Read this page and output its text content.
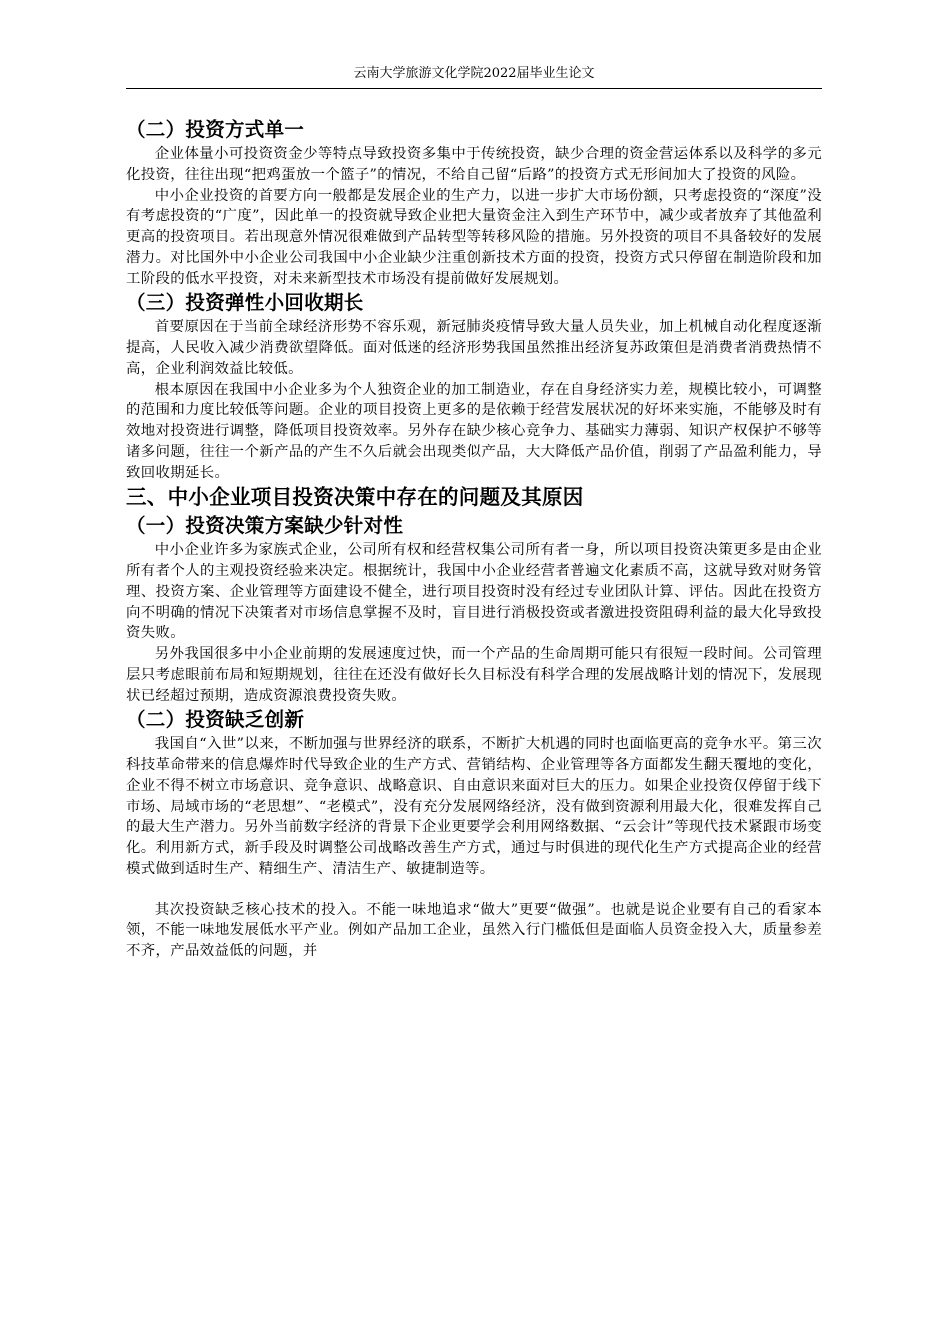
云南大学旅游文化学院2022届毕业生论文
（二）投资方式单一

企业体量小可投资资金少等特点导致投资多集中于传统投资，缺少合理的资金营运体系以及科学的多元化投资，往往出现“把鸡蛋放一个篮子”的情况，不给自己留“后路”的投资方式无形间加大了投资的风险。

中小企业投资的首要方向一般都是发展企业的生产力，以进一步扩大市场份额，只考虑投资的“深度”没有考虑投资的“广度”，因此单一的投资就导致企业把大量资金注入到生产环节中，减少或者放弃了其他盈利更高的投资项目。若出现意外情况很难做到产品转型等转移风险的措施。另外投资的项目不具备较好的发展潜力。对比国外中小企业公司我国中小企业缺少注重创新技术方面的投资，投资方式只停留在制造阶段和加工阶段的低水平投资，对未来新型技术市场没有提前做好发展规划。

（三）投资弹性小回收期长

首要原因在于当前全球经济形势不容乐观，新冠肺炎疫情导致大量人员失业，加上机械自动化程度逐渐提高，人民收入减少消费欲望降低。面对低迷的经济形势我国虽然推出经济复苏政策但是消费者消费热情不高，企业利润效益比较低。

根本原因在我国中小企业多为个人独资企业的加工制造业，存在自身经济实力差，规模比较小，可调整的范围和力度比较低等问题。企业的项目投资上更多的是依赖于经营发展状况的好坏来实施，不能够及时有效地对投资进行调整，降低项目投资效率。另外存在缺少核心竞争力、基础实力薄弱、知识产权保护不够等诸多问题，往往一个新产品的产生不久后就会出现类似产品，大大降低产品价值，削弱了产品盈利能力，导致回收期延长。

三、中小企业项目投资决策中存在的问题及其原因
（一）投资决策方案缺少针对性

中小企业许多为家族式企业，公司所有权和经营权集公司所有者一身，所以项目投资决策更多是由企业所有者个人的主观投资经验来决定。根据统计，我国中小企业经营者普遍文化素质不高，这就导致对财务管理、投资方案、企业管理等方面建设不健全，进行项目投资时没有经过专业团队计算、评估。因此在投资方向不明确的情况下决策者对市场信息掌握不及时，盲目进行消极投资或者激进投资阻碍利益的最大化导致投资失败。

另外我国很多中小企业前期的发展速度过快，而一个产品的生命周期可能只有很短一段时间。公司管理层只考虑眼前布局和短期规划，往往在还没有做好长久目标没有科学合理的发展战略计划的情况下，发展现状已经超过预期，造成资源浪费投资失败。

（二）投资缺乏创新

我国自“入世”以来，不断加强与世界经济的联系，不断扩大机遇的同时也面临更高的竞争水平。第三次科技革命带来的信息爆炸时代导致企业的生产方式、营销结构、企业管理等各方面都发生翻天覆地的变化，企业不得不树立市场意识、竞争意识、战略意识、自由意识来面对巨大的压力。如果企业投资仅停留于线下市场、局域市场的“老思想”、“老模式”，没有充分发展网络经济，没有做到资源利用最大化，很难发挥自己的最大生产潜力。另外当前数字经济的背景下企业更要学会利用网络数据、“云会计”等现代技术紧跟市场变化。利用新方式，新手段及时调整公司战略改善生产方式，通过与时俱进的现代化生产方式提高企业的经营模式做到适时生产、精细生产、清洁生产、敏捷制造等。

其次投资缺乏核心技术的投入。不能一味地追求“做大”更要“做强”。也就是说企业要有自己的看家本领，不能一味地发展低水平产业。例如产品加工企业，虽然入行门槛低但是面临人员资金投入大，质量参差不齐，产品效益低的问题，并
